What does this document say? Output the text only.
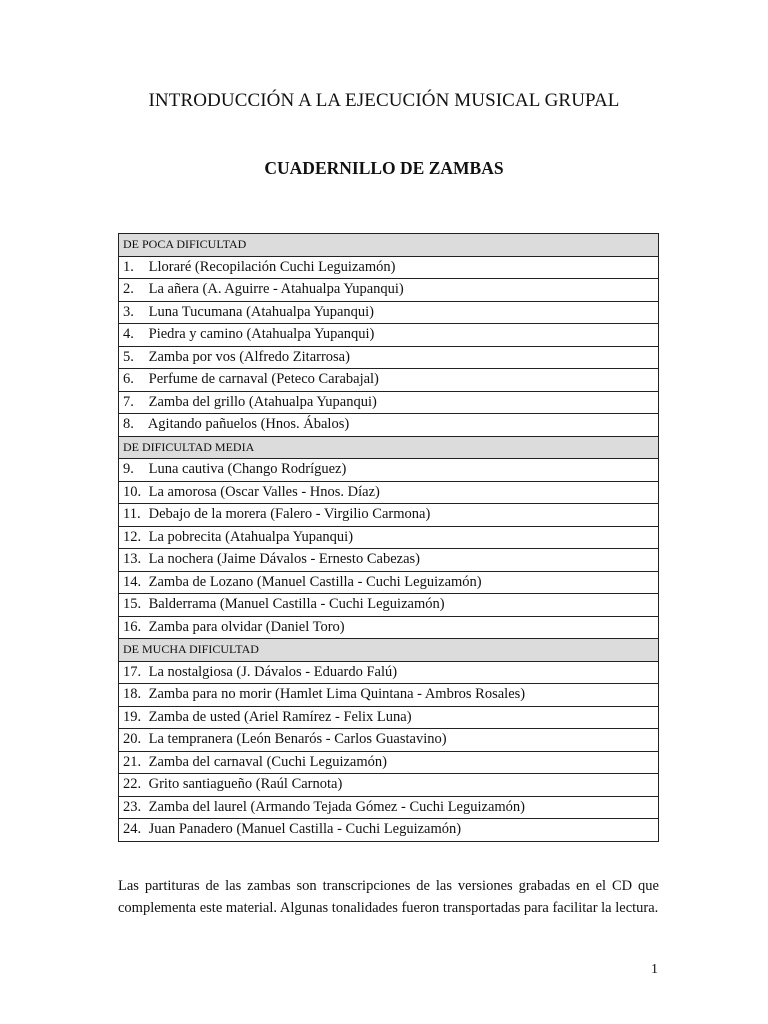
INTRODUCCIÓN A LA EJECUCIÓN MUSICAL GRUPAL
CUADERNILLO DE ZAMBAS
DE POCA DIFICULTAD
1. Lloraré (Recopilación Cuchi Leguizamón)
2. La añera (A. Aguirre - Atahualpa Yupanqui)
3. Luna Tucumana (Atahualpa Yupanqui)
4. Piedra y camino (Atahualpa Yupanqui)
5. Zamba por vos (Alfredo Zitarrosa)
6. Perfume de carnaval (Peteco Carabajal)
7. Zamba del grillo (Atahualpa Yupanqui)
8. Agitando pañuelos (Hnos. Ábalos)
DE DIFICULTAD MEDIA
9. Luna cautiva (Chango Rodríguez)
10. La amorosa (Oscar Valles - Hnos. Díaz)
11. Debajo de la morera (Falero - Virgilio Carmona)
12. La pobrecita (Atahualpa Yupanqui)
13. La nochera (Jaime Dávalos - Ernesto Cabezas)
14. Zamba de Lozano (Manuel Castilla - Cuchi Leguizamón)
15. Balderrama (Manuel Castilla - Cuchi Leguizamón)
16. Zamba para olvidar (Daniel Toro)
DE MUCHA DIFICULTAD
17. La nostalgiosa (J. Dávalos - Eduardo Falú)
18. Zamba para no morir (Hamlet Lima Quintana - Ambros Rosales)
19. Zamba de usted (Ariel Ramírez - Felix Luna)
20. La tempranera (León Benarós - Carlos Guastavino)
21. Zamba del carnaval (Cuchi Leguizamón)
22. Grito santiagueño (Raúl Carnota)
23. Zamba del laurel (Armando Tejada Gómez - Cuchi Leguizamón)
24. Juan Panadero (Manuel Castilla - Cuchi Leguizamón)
Las partituras de las zambas son transcripciones de las versiones grabadas en el CD que complementa este material. Algunas tonalidades fueron transportadas para facilitar la lectura.
1
